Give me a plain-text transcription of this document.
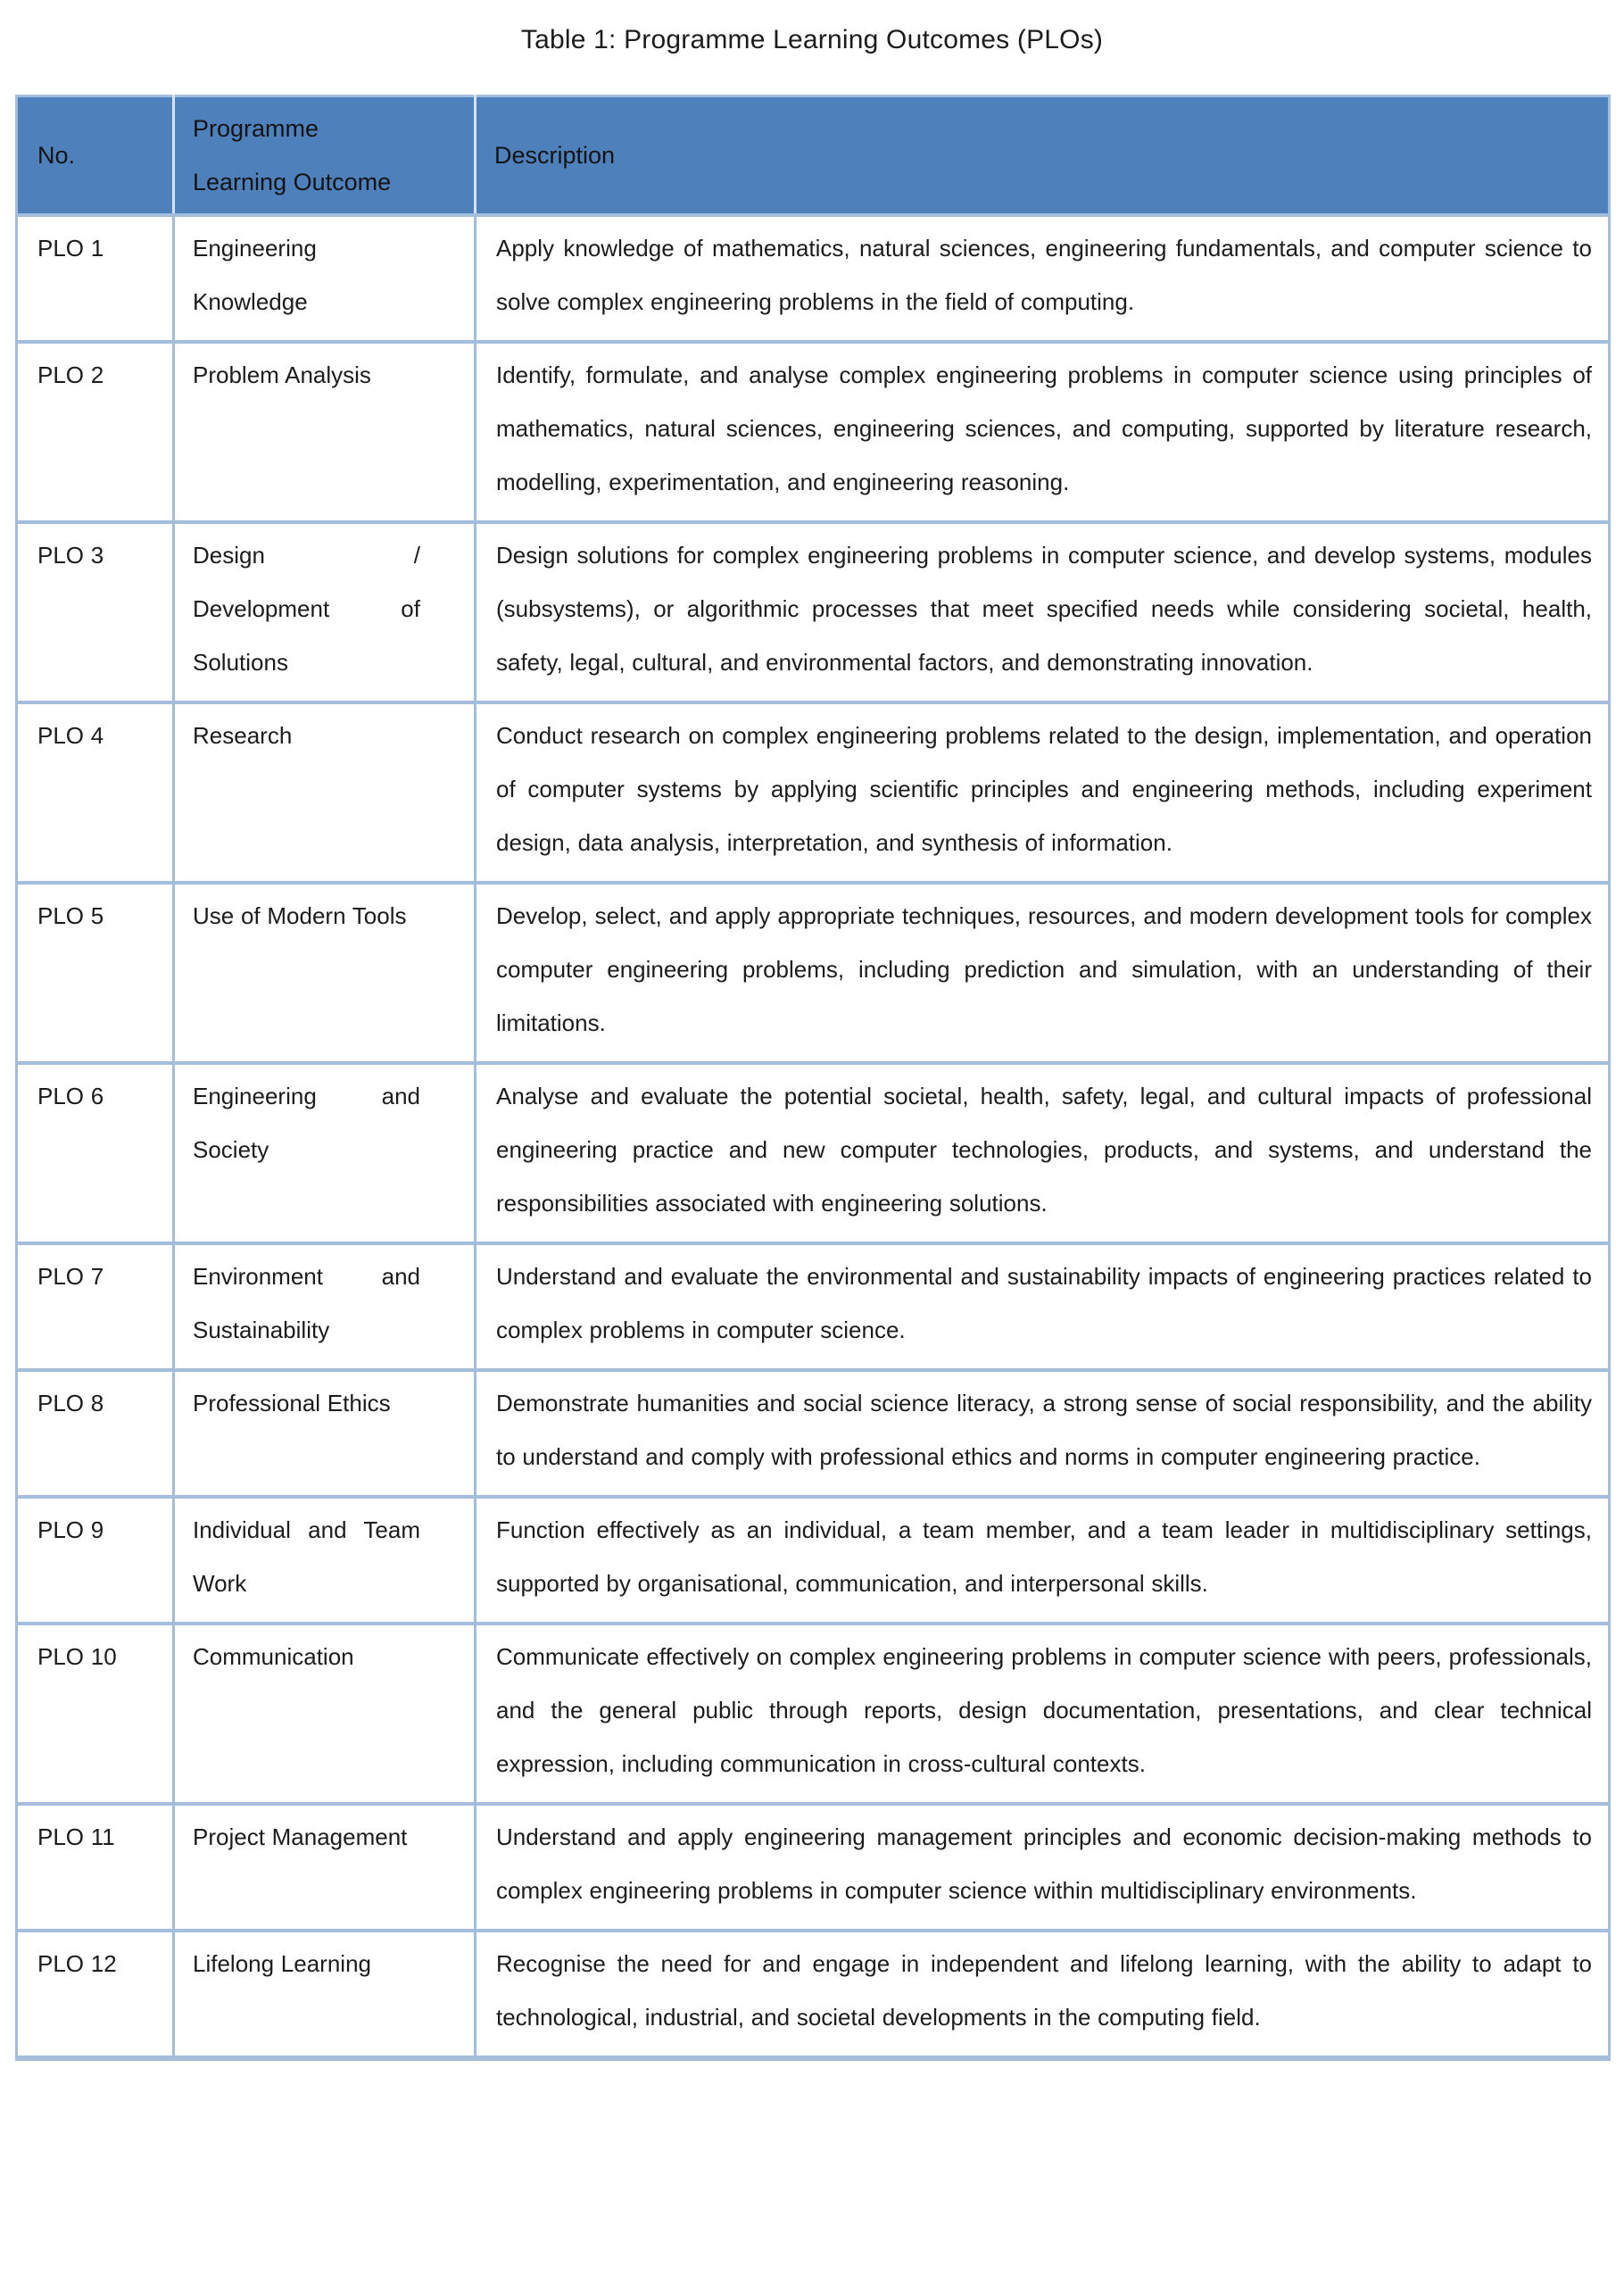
Table 1: Programme Learning Outcomes (PLOs)
No.	Programme Learning Outcome	Description
PLO 1	Engineering Knowledge	Apply knowledge of mathematics, natural sciences, engineering fundamentals, and computer science to solve complex engineering problems in the field of computing.
PLO 2	Problem Analysis	Identify, formulate, and analyse complex engineering problems in computer science using principles of mathematics, natural sciences, engineering sciences, and computing, supported by literature research, modelling, experimentation, and engineering reasoning.
PLO 3	Design / Development of Solutions	Design solutions for complex engineering problems in computer science, and develop systems, modules (subsystems), or algorithmic processes that meet specified needs while considering societal, health, safety, legal, cultural, and environmental factors, and demonstrating innovation.
PLO 4	Research	Conduct research on complex engineering problems related to the design, implementation, and operation of computer systems by applying scientific principles and engineering methods, including experiment design, data analysis, interpretation, and synthesis of information.
PLO 5	Use of Modern Tools	Develop, select, and apply appropriate techniques, resources, and modern development tools for complex computer engineering problems, including prediction and simulation, with an understanding of their limitations.
PLO 6	Engineering and Society	Analyse and evaluate the potential societal, health, safety, legal, and cultural impacts of professional engineering practice and new computer technologies, products, and systems, and understand the responsibilities associated with engineering solutions.
PLO 7	Environment and Sustainability	Understand and evaluate the environmental and sustainability impacts of engineering practices related to complex problems in computer science.
PLO 8	Professional Ethics	Demonstrate humanities and social science literacy, a strong sense of social responsibility, and the ability to understand and comply with professional ethics and norms in computer engineering practice.
PLO 9	Individual and Team Work	Function effectively as an individual, a team member, and a team leader in multidisciplinary settings, supported by organisational, communication, and interpersonal skills.
PLO 10	Communication	Communicate effectively on complex engineering problems in computer science with peers, professionals, and the general public through reports, design documentation, presentations, and clear technical expression, including communication in cross-cultural contexts.
PLO 11	Project Management	Understand and apply engineering management principles and economic decision-making methods to complex engineering problems in computer science within multidisciplinary environments.
PLO 12	Lifelong Learning	Recognise the need for and engage in independent and lifelong learning, with the ability to adapt to technological, industrial, and societal developments in the computing field.
